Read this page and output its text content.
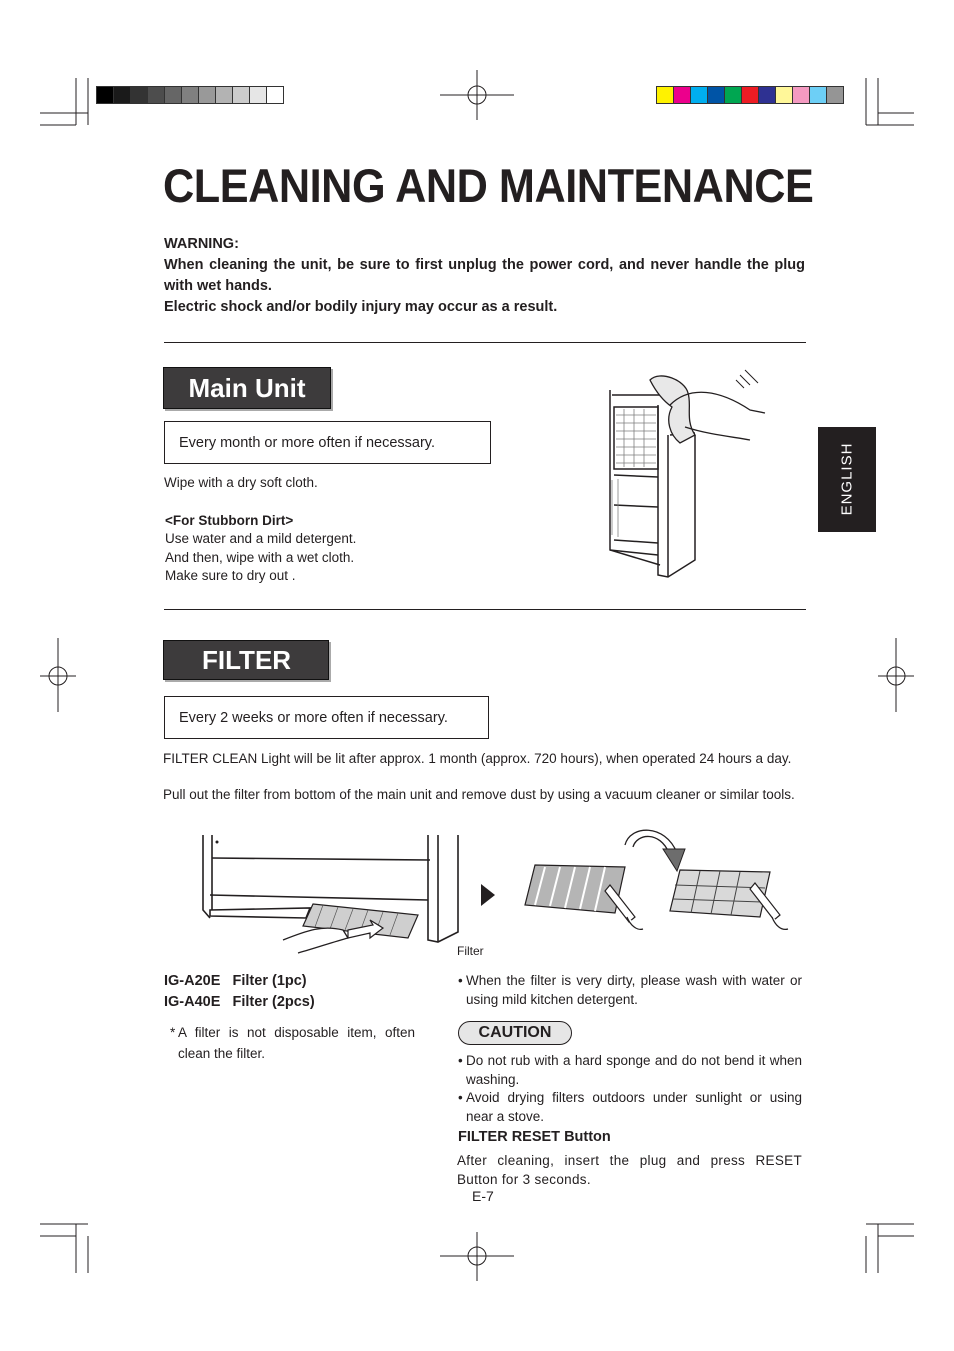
CLEANING AND MAINTENANCE
WARNING:
When cleaning the unit, be sure to first unplug the power cord, and never handle the plug with wet hands.
Electric shock and/or bodily injury may occur as a result.
ENGLISH
Main Unit
Every month or more often if necessary.
Wipe with a dry soft cloth.
<For Stubborn Dirt>
Use water and a mild detergent.
And then, wipe with a wet cloth.
Make sure to dry out .
FILTER
Every 2 weeks or more often if necessary.
FILTER CLEAN Light will be lit after approx. 1 month (approx. 720 hours), when operated 24 hours a day.
Pull out the filter from bottom of the main unit and remove dust by using a vacuum cleaner or similar tools.
Filter
IG-A20E Filter (1pc)
IG-A40E Filter (2pcs)
* A filter is not disposable item, often clean the filter.
• When the filter is very dirty, please wash with water or using mild kitchen detergent.
CAUTION
• Do not rub with a hard sponge and do not bend it when washing.
• Avoid drying filters outdoors under sunlight or using near a stove.
FILTER RESET Button
After cleaning, insert the plug and press RESET Button for 3 seconds.
E-7
